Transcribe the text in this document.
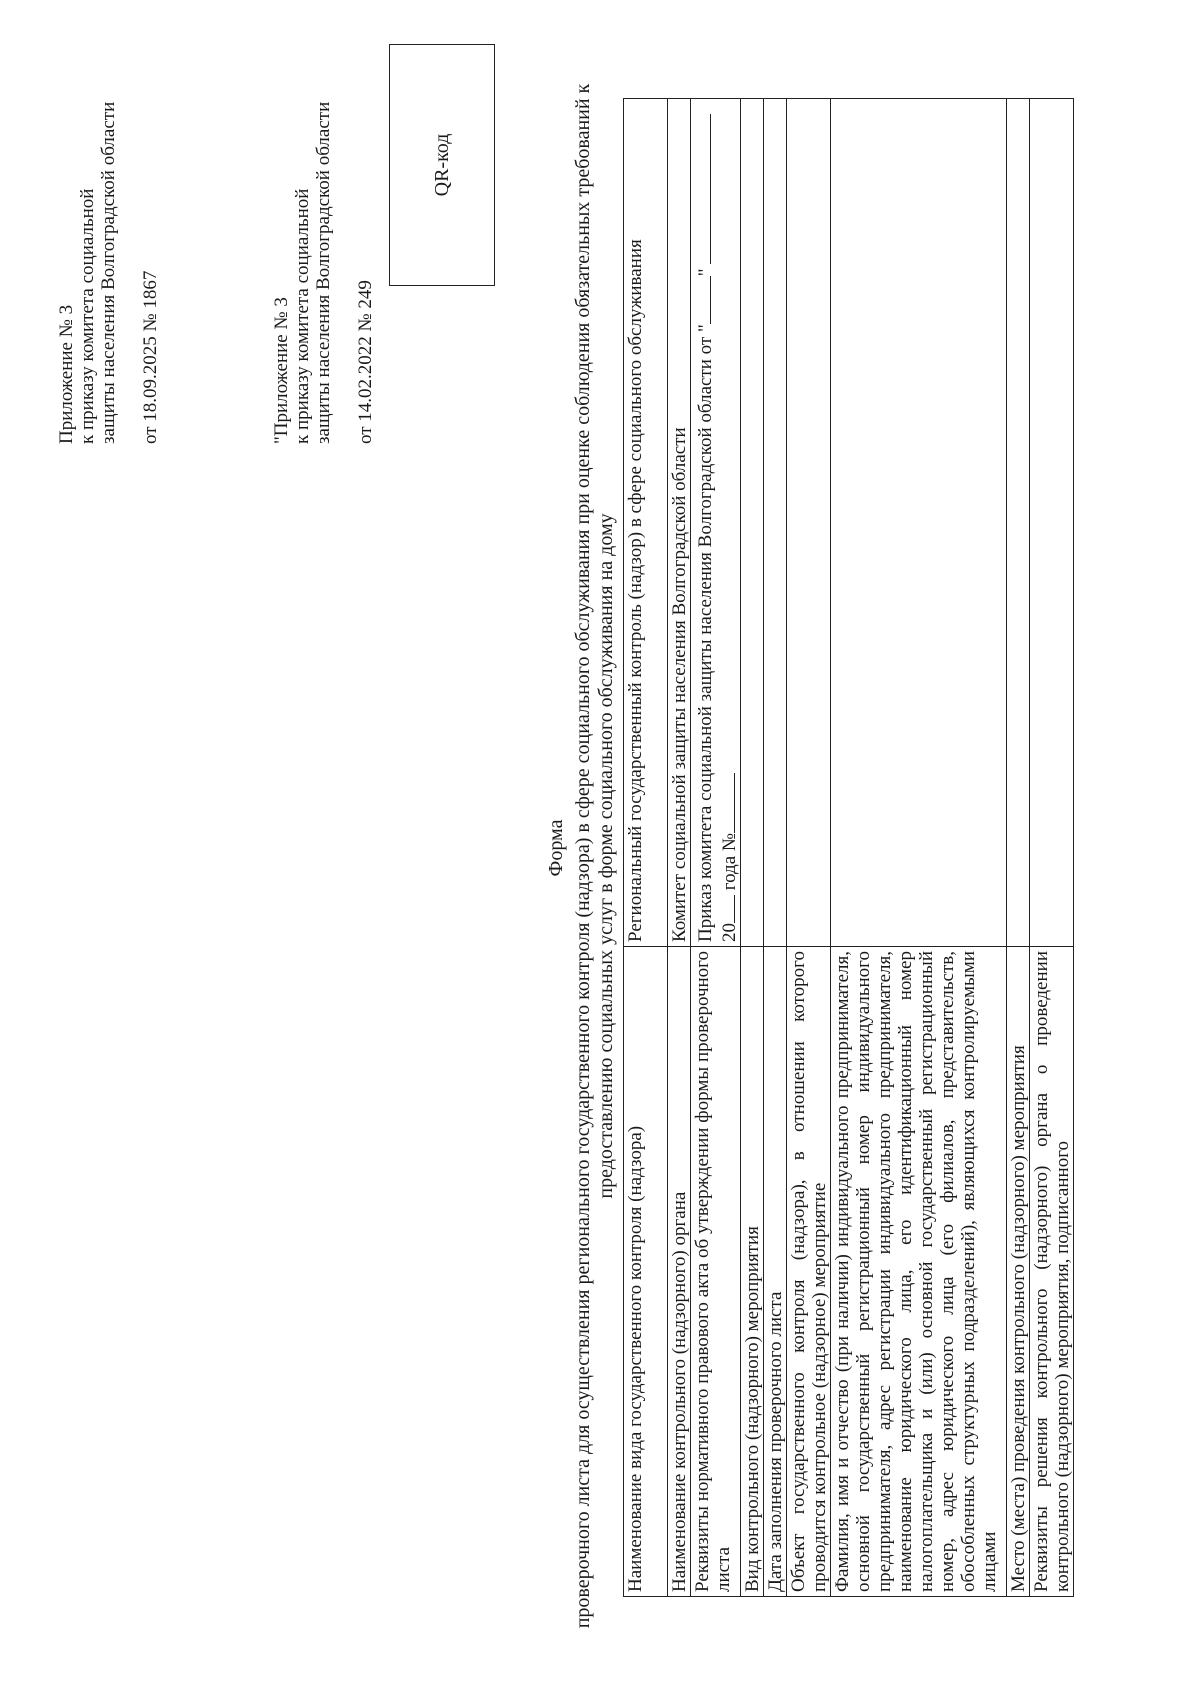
Приложение № 3 к приказу комитета социальной защиты населения Волгоградской области от 18.09.2025 № 1867	"Приложение № 3 к приказу комитета социальной защиты населения Волгоградской области от 14.02.2022 № 249
QR-код
Форма проверочного листа для осуществления регионального государственного контроля (надзора) в сфере социального обслуживания при оценке соблюдения обязательных требований к предоставлению социальных услуг в форме социального обслуживания на дому
Наименование вида государственного контроля (надзора)	Региональный государственный контроль (надзор) в сфере социального обслуживания
Наименование контрольного (надзорного) органа	Комитет социальной защиты населения Волгоградской области
Реквизиты нормативного правового акта об утверждении формы проверочного листа	Приказ комитета социальной защиты населения Волгоградской области от ""  20 года №
Вид контрольного (надзорного) мероприятия	
Дата заполнения проверочного листа	
Объект государственного контроля (надзора), в отношении которого проводится контрольное (надзорное) мероприятие	
Фамилия, имя и отчество (при наличии) индивидуального предпринимателя, основной государственный регистрационный номер индивидуального предпринимателя, адрес регистрации индивидуального предпринимателя, наименование юридического лица, его идентификационный номер налогоплательщика и (или) основной государственный регистрационный номер, адрес юридического лица (его филиалов, представительств, обособленных структурных подразделений), являющихся контролируемыми лицами	
Место (места) проведения контрольного (надзорного) мероприятия	
Реквизиты решения контрольного (надзорного) органа о проведении контрольного (надзорного) мероприятия, подписанного	
